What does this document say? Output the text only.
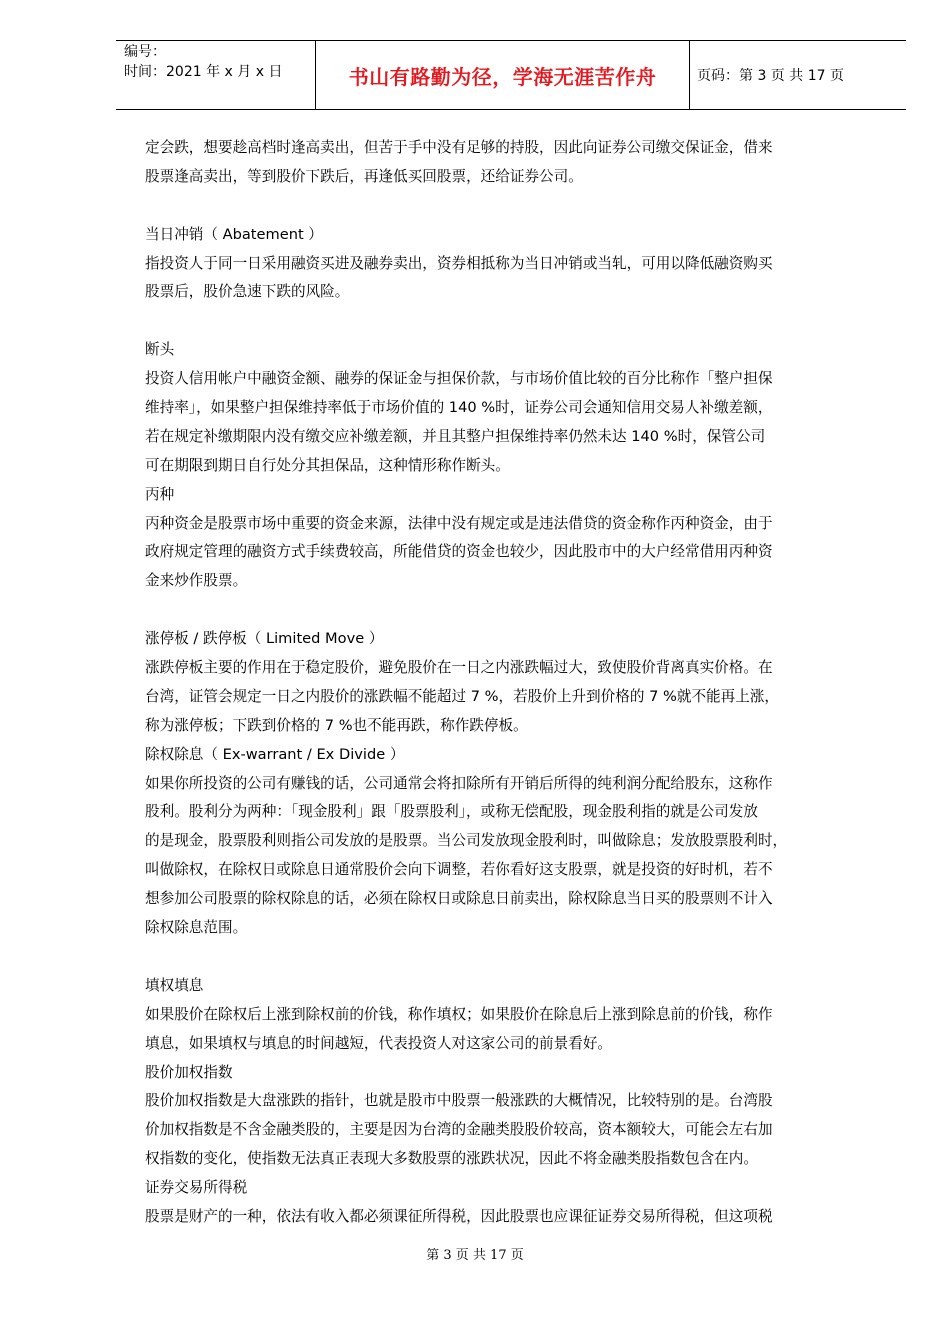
编号：
时间：2021 年 x 月 x 日	书山有路勤为径，学海无涯苦作舟	页码：第 3 页 共 17 页
定会跌，想要趁高档时逢高卖出，但苦于手中没有足够的持股，因此向证券公司缴交保证金，借来
股票逢高卖出，等到股价下跌后，再逢低买回股票，还给证券公司。
当日冲销（ Abatement ）
指投资人于同一日采用融资买进及融券卖出，资券相抵称为当日冲销或当轧，可用以降低融资购买
股票后，股价急速下跌的风险。
断头
投资人信用帐户中融资金额、融券的保证金与担保价款，与市场价值比较的百分比称作「整户担保
维持率」，如果整户担保维持率低于市场价值的 140 %时，证券公司会通知信用交易人补缴差额，
若在规定补缴期限内没有缴交应补缴差额，并且其整户担保维持率仍然未达 140 %时，保管公司
可在期限到期日自行处分其担保品，这种情形称作断头。
丙种
丙种资金是股票市场中重要的资金来源，法律中没有规定或是违法借贷的资金称作丙种资金，由于
政府规定管理的融资方式手续费较高，所能借贷的资金也较少，因此股市中的大户经常借用丙种资
金来炒作股票。
涨停板 / 跌停板（ Limited Move ）
涨跌停板主要的作用在于稳定股价，避免股价在一日之内涨跌幅过大，致使股价背离真实价格。在
台湾，证管会规定一日之内股价的涨跌幅不能超过 7 %，若股价上升到价格的 7 %就不能再上涨，
称为涨停板；下跌到价格的 7 %也不能再跌，称作跌停板。
除权除息（ Ex-warrant / Ex Divide ）
如果你所投资的公司有赚钱的话，公司通常会将扣除所有开销后所得的纯利润分配给股东，这称作
股利。股利分为两种：「现金股利」跟「股票股利」，或称无偿配股，现金股利指的就是公司发放
的是现金，股票股利则指公司发放的是股票。当公司发放现金股利时，叫做除息；发放股票股利时，
叫做除权，在除权日或除息日通常股价会向下调整，若你看好这支股票，就是投资的好时机，若不
想参加公司股票的除权除息的话，必须在除权日或除息日前卖出，除权除息当日买的股票则不计入
除权除息范围。
填权填息
如果股价在除权后上涨到除权前的价钱，称作填权；如果股价在除息后上涨到除息前的价钱，称作
填息，如果填权与填息的时间越短，代表投资人对这家公司的前景看好。
股价加权指数
股价加权指数是大盘涨跌的指针，也就是股市中股票一般涨跌的大概情况，比较特别的是。台湾股
价加权指数是不含金融类股的，主要是因为台湾的金融类股股价较高，资本额较大，可能会左右加
权指数的变化，使指数无法真正表现大多数股票的涨跌状况，因此不将金融类股指数包含在内。
证券交易所得税
股票是财产的一种，依法有收入都必须课征所得税，因此股票也应课征证券交易所得税，但这项税
第 3 页 共 17 页
